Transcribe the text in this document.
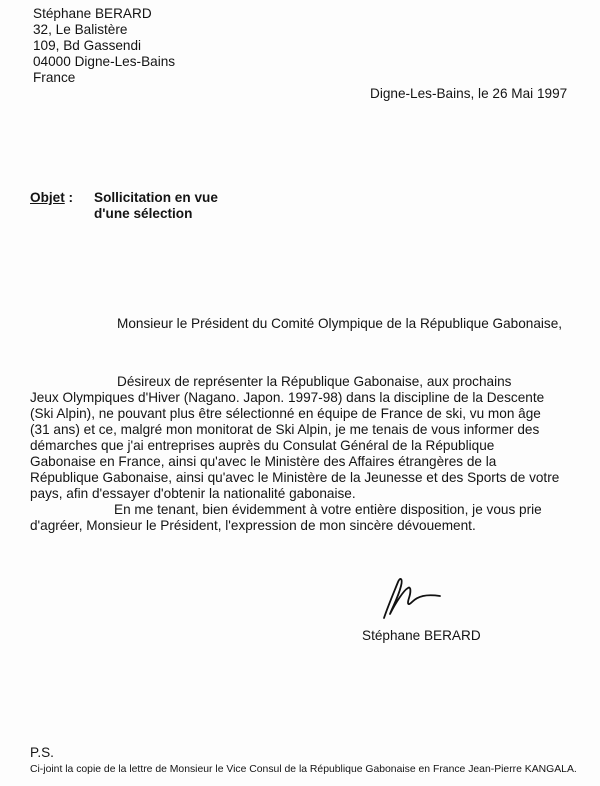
Stéphane BERARD
32, Le Balistère
109, Bd Gassendi
04000 Digne-Les-Bains
France
Digne-Les-Bains, le 26 Mai 1997
Objet : Sollicitation en vue
d'une sélection
Monsieur le Président du Comité Olympique de la République Gabonaise,
Désireux de représenter la République Gabonaise, aux prochains
Jeux Olympiques d'Hiver (Nagano. Japon. 1997-98) dans la discipline de la Descente
(Ski Alpin), ne pouvant plus être sélectionné en équipe de France de ski, vu mon âge
(31 ans) et ce, malgré mon monitorat de Ski Alpin, je me tenais de vous informer des
démarches que j'ai entreprises auprès du Consulat Général de la République
Gabonaise en France, ainsi qu'avec le Ministère des Affaires étrangères de la
République Gabonaise, ainsi qu'avec le Ministère de la Jeunesse et des Sports de votre
pays, afin d'essayer d'obtenir la nationalité gabonaise.
En me tenant, bien évidemment à votre entière disposition, je vous prie
d'agréer, Monsieur le Président, l'expression de mon sincère dévouement.
Stéphane BERARD
P.S.
Ci-joint la copie de la lettre de Monsieur le Vice Consul de la République Gabonaise en France Jean-Pierre KANGALA.
